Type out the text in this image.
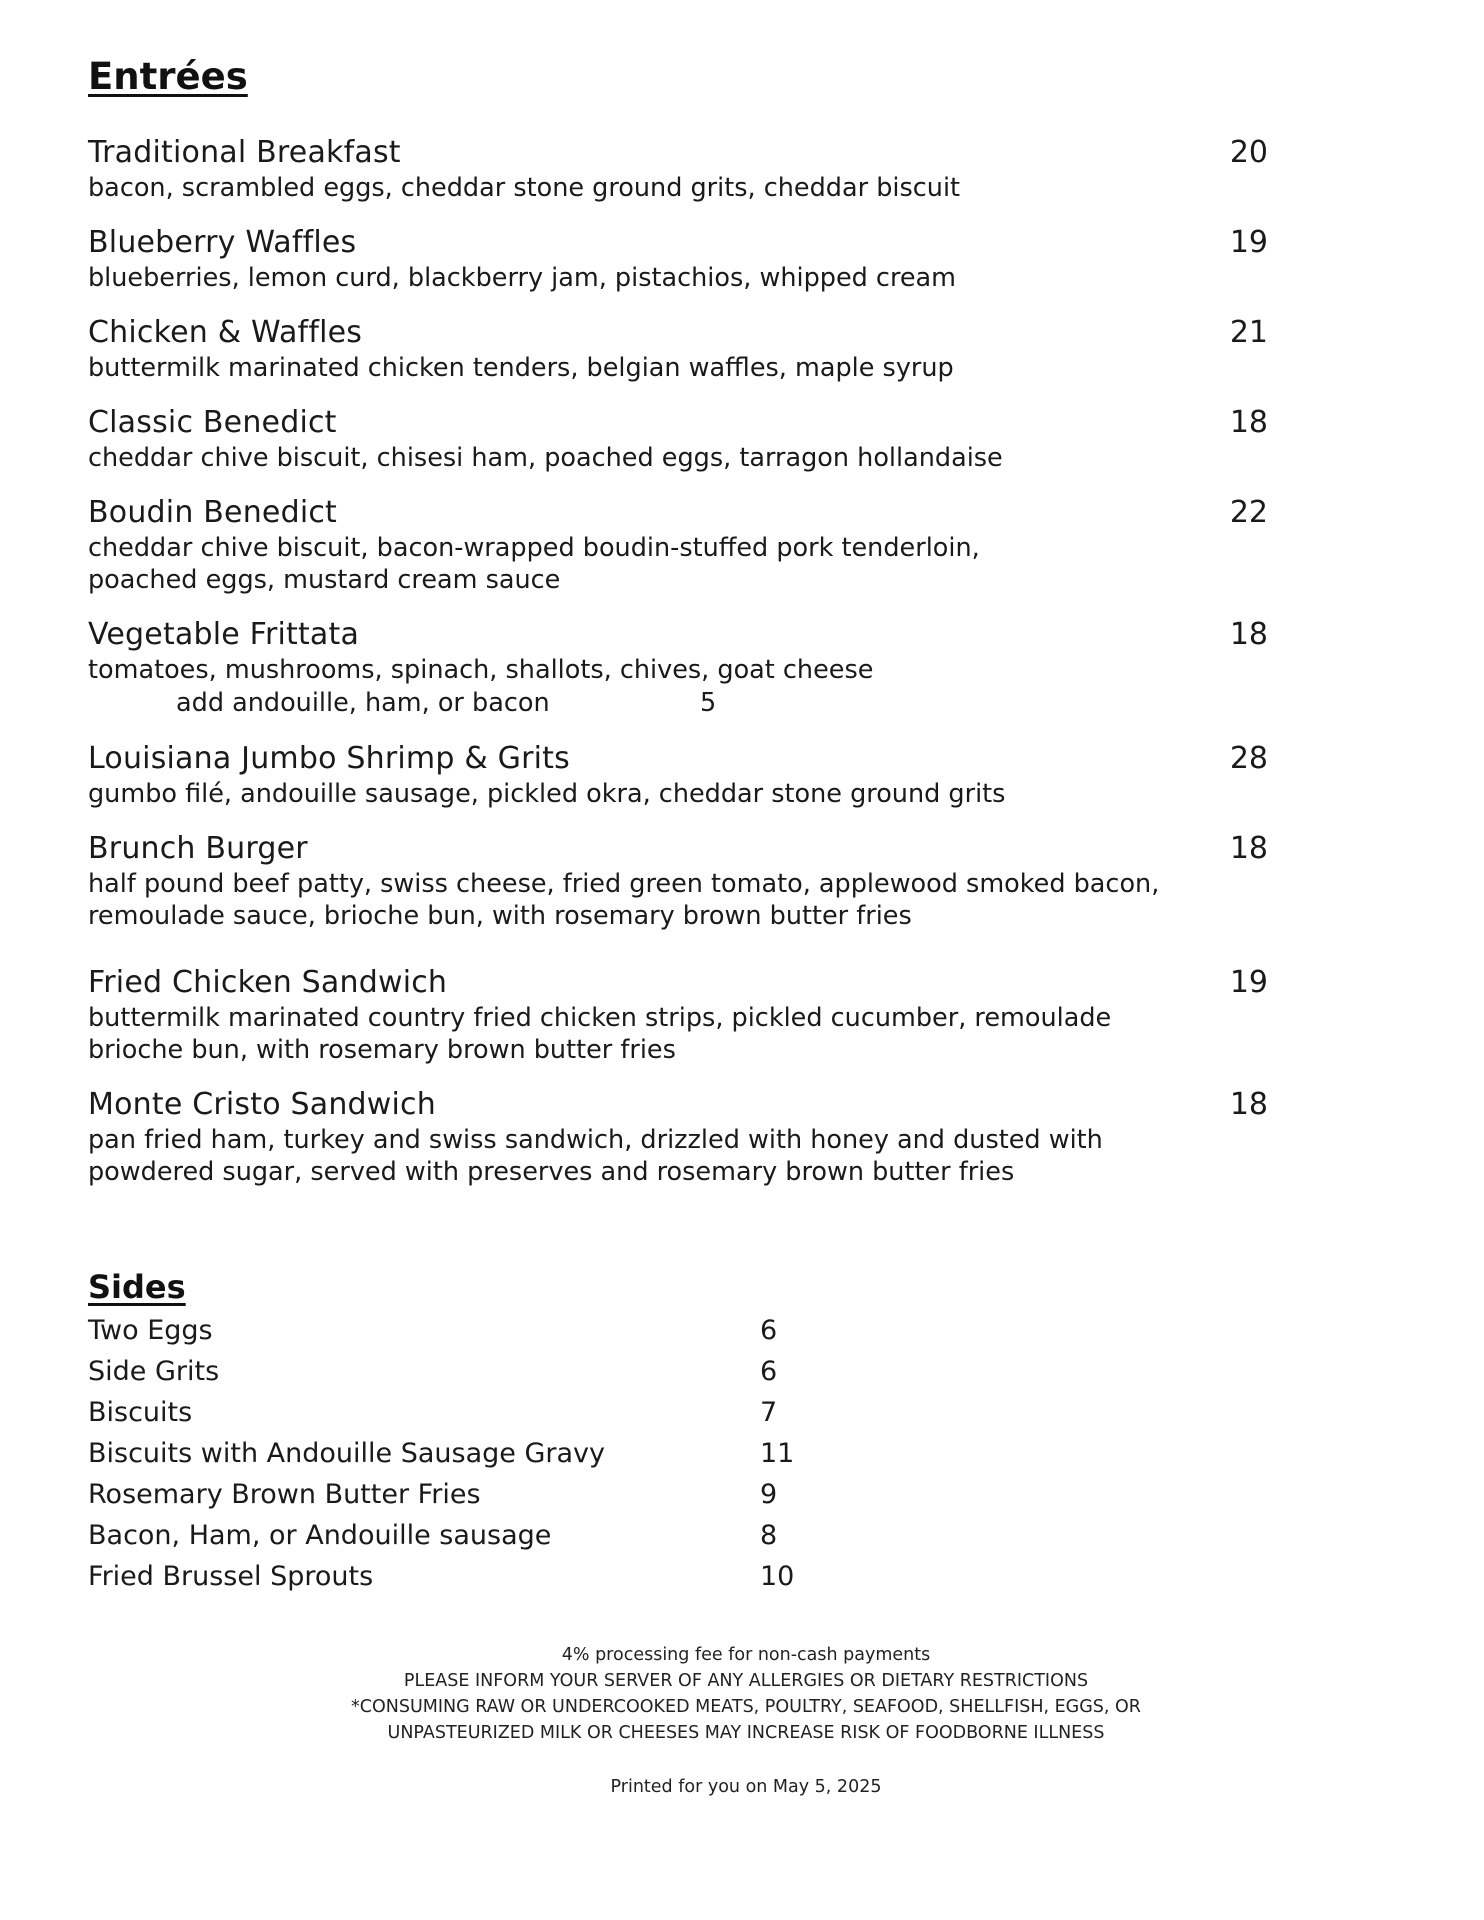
Entrées
Traditional Breakfast	20
bacon, scrambled eggs, cheddar stone ground grits, cheddar biscuit
Blueberry Waffles	19
blueberries, lemon curd, blackberry jam, pistachios, whipped cream
Chicken & Waffles	21
buttermilk marinated chicken tenders, belgian waffles, maple syrup
Classic Benedict	18
cheddar chive biscuit, chisesi ham, poached eggs, tarragon hollandaise
Boudin Benedict	22
cheddar chive biscuit, bacon-wrapped boudin-stuffed pork tenderloin,
poached eggs, mustard cream sauce
Vegetable Frittata	18
tomatoes, mushrooms, spinach, shallots, chives, goat cheese
add andouille, ham, or bacon	5
Louisiana Jumbo Shrimp & Grits	28
gumbo filé, andouille sausage, pickled okra, cheddar stone ground grits
Brunch Burger	18
half pound beef patty, swiss cheese, fried green tomato, applewood smoked bacon,
remoulade sauce, brioche bun, with rosemary brown butter fries
Fried Chicken Sandwich	19
buttermilk marinated country fried chicken strips, pickled cucumber, remoulade
brioche bun, with rosemary brown butter fries
Monte Cristo Sandwich	18
pan fried ham, turkey and swiss sandwich, drizzled with honey and dusted with
powdered sugar, served with preserves and rosemary brown butter fries
Sides
Two Eggs	6
Side Grits	6
Biscuits	7
Biscuits with Andouille Sausage Gravy	11
Rosemary Brown Butter Fries	9
Bacon, Ham, or Andouille sausage	8
Fried Brussel Sprouts	10
4% processing fee for non-cash payments
PLEASE INFORM YOUR SERVER OF ANY ALLERGIES OR DIETARY RESTRICTIONS
*CONSUMING RAW OR UNDERCOOKED MEATS, POULTRY, SEAFOOD, SHELLFISH, EGGS, OR
UNPASTEURIZED MILK OR CHEESES MAY INCREASE RISK OF FOODBORNE ILLNESS
Printed for you on May 5, 2025
